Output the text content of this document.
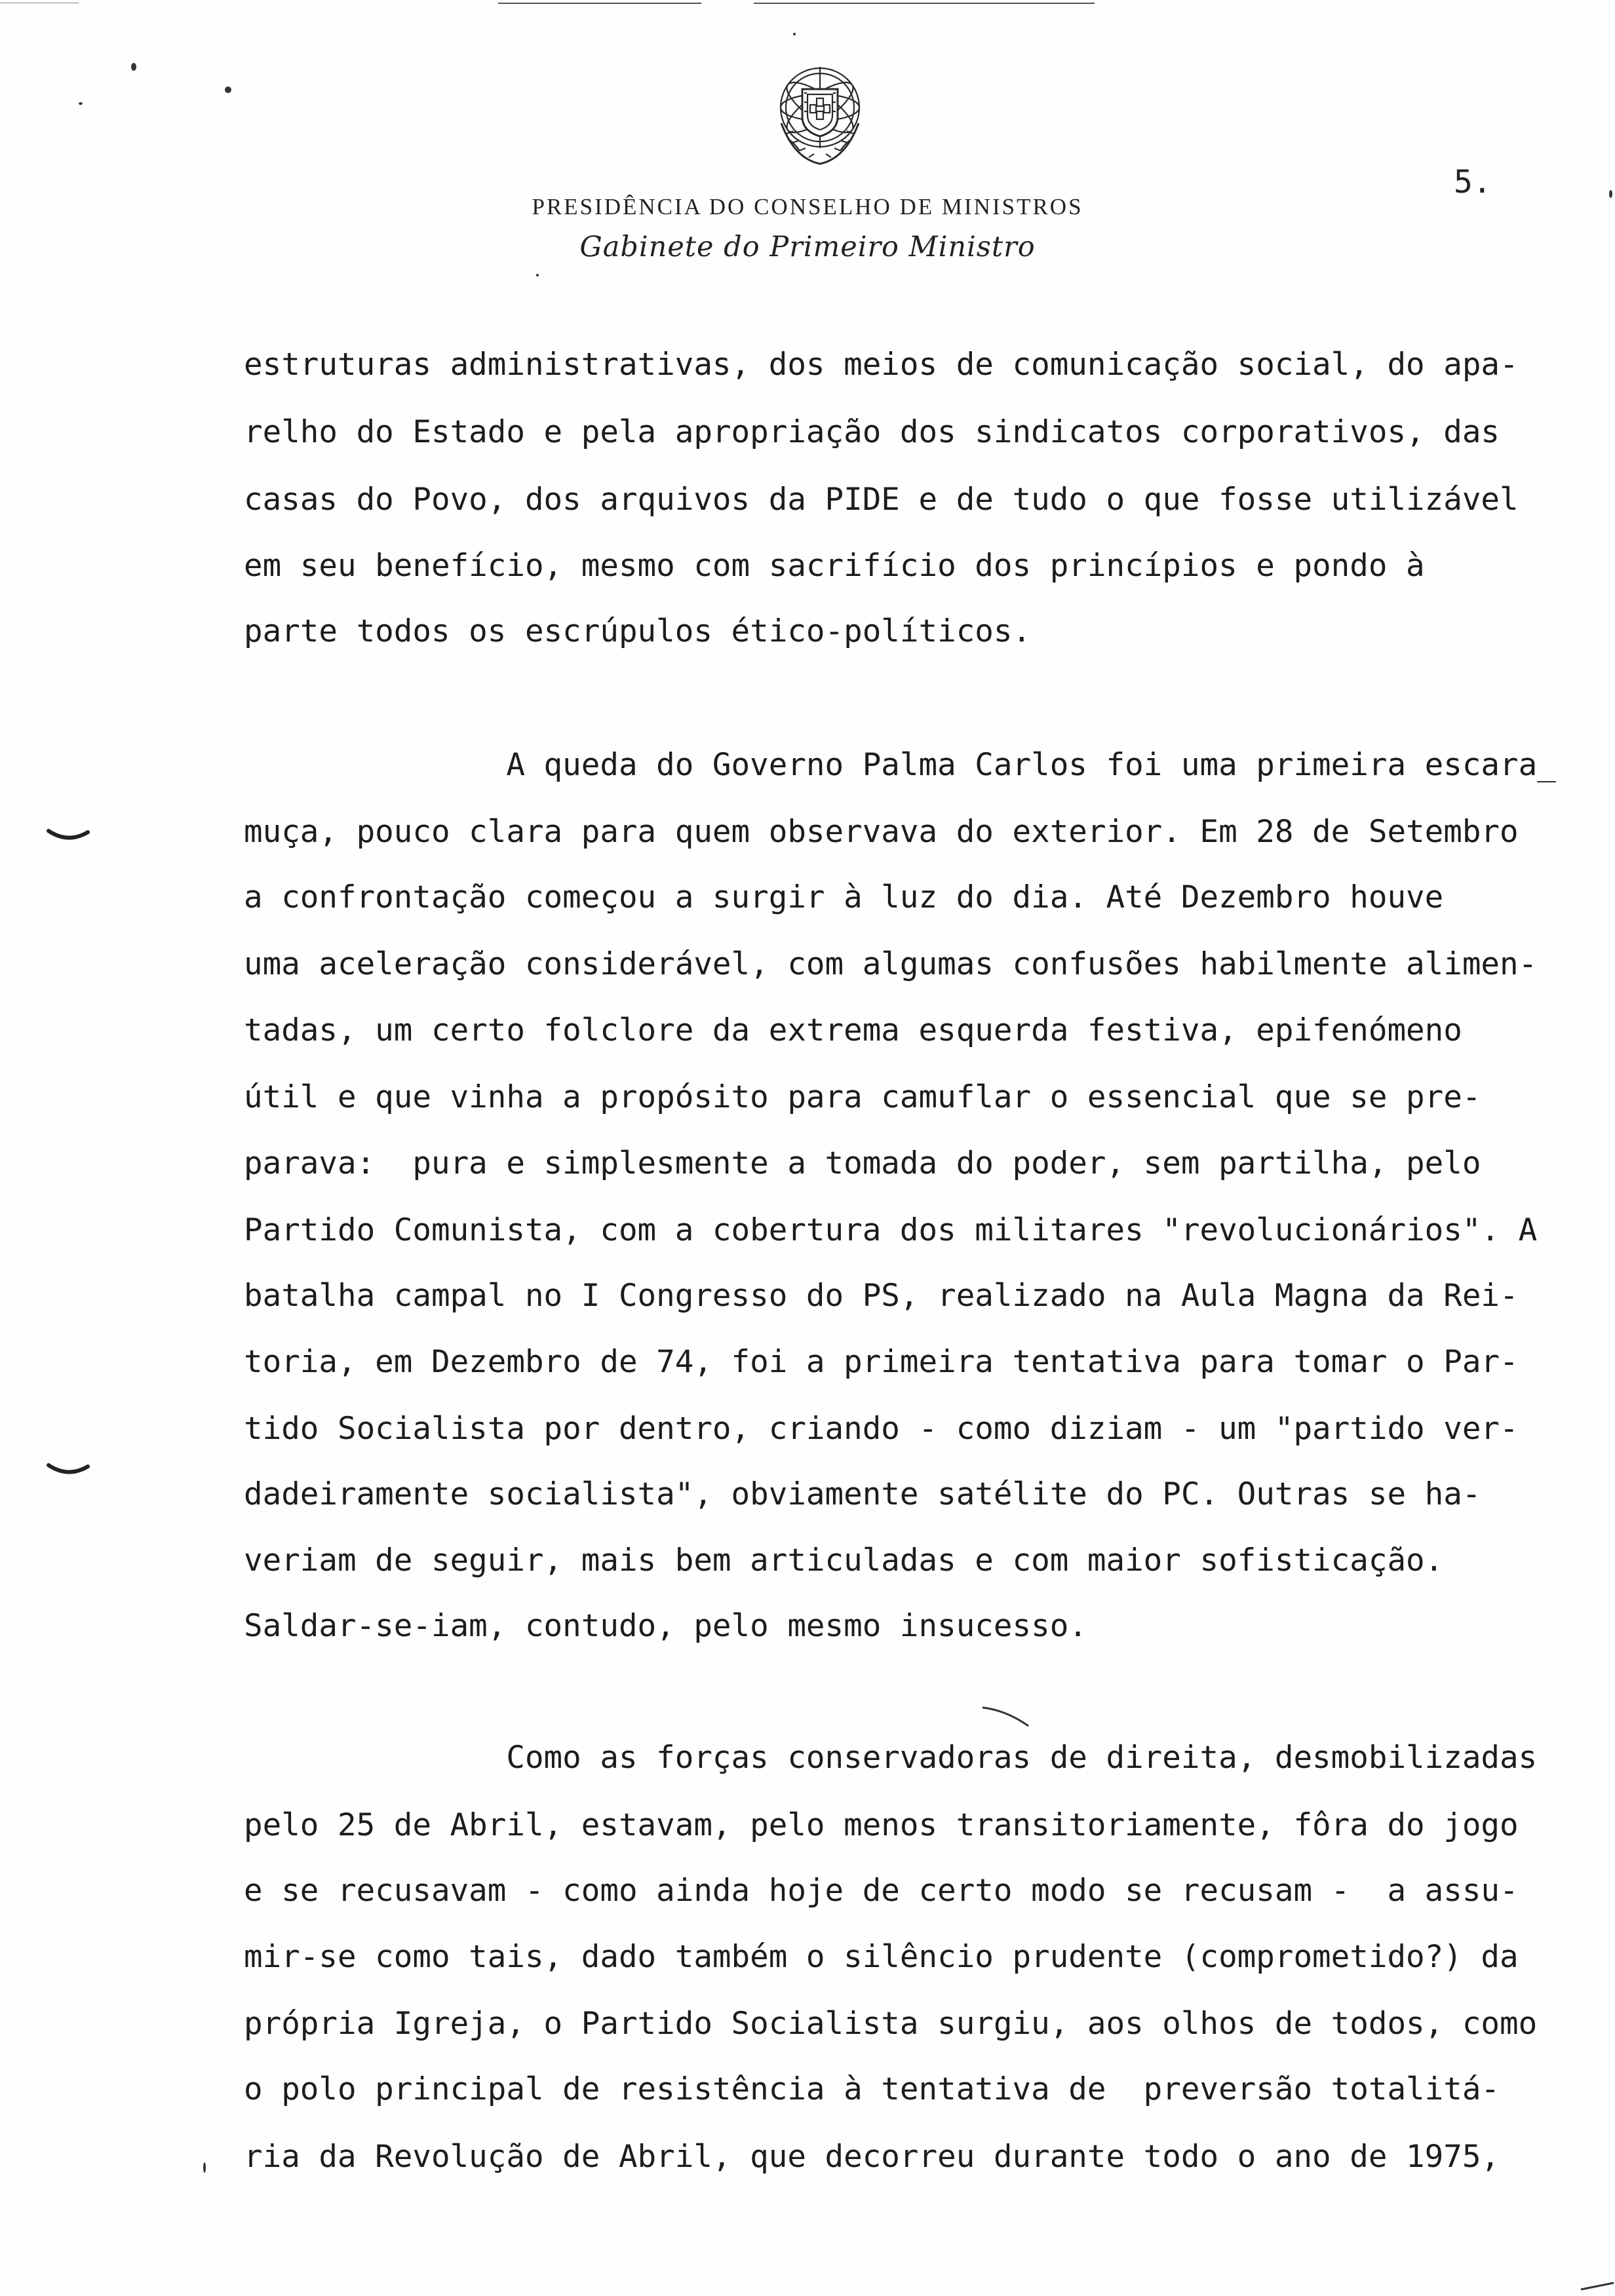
PRESIDÊNCIA DO CONSELHO DE MINISTROS
Gabinete do Primeiro Ministro
5.
estruturas administrativas, dos meios de comunicação social, do apa-
relho do Estado e pela apropriação dos sindicatos corporativos, das
casas do Povo, dos arquivos da PIDE e de tudo o que fosse utilizável
em seu benefício, mesmo com sacrifício dos princípios e pondo à
parte todos os escrúpulos ético-políticos.
A queda do Governo Palma Carlos foi uma primeira escara_
muça, pouco clara para quem observava do exterior. Em 28 de Setembro
a confrontação começou a surgir à luz do dia. Até Dezembro houve
uma aceleração considerável, com algumas confusões habilmente alimen-
tadas, um certo folclore da extrema esquerda festiva, epifenómeno
útil e que vinha a propósito para camuflar o essencial que se pre-
parava:  pura e simplesmente a tomada do poder, sem partilha, pelo
Partido Comunista, com a cobertura dos militares "revolucionários". A
batalha campal no I Congresso do PS, realizado na Aula Magna da Rei-
toria, em Dezembro de 74, foi a primeira tentativa para tomar o Par-
tido Socialista por dentro, criando - como diziam - um "partido ver-
dadeiramente socialista", obviamente satélite do PC. Outras se ha-
veriam de seguir, mais bem articuladas e com maior sofisticação.
Saldar-se-iam, contudo, pelo mesmo insucesso.
Como as forças conservadoras de direita, desmobilizadas
pelo 25 de Abril, estavam, pelo menos transitoriamente, fôra do jogo
e se recusavam - como ainda hoje de certo modo se recusam -  a assu-
mir-se como tais, dado também o silêncio prudente (comprometido?) da
própria Igreja, o Partido Socialista surgiu, aos olhos de todos, como
o polo principal de resistência à tentativa de  preversão totalitá-
ria da Revolução de Abril, que decorreu durante todo o ano de 1975,
